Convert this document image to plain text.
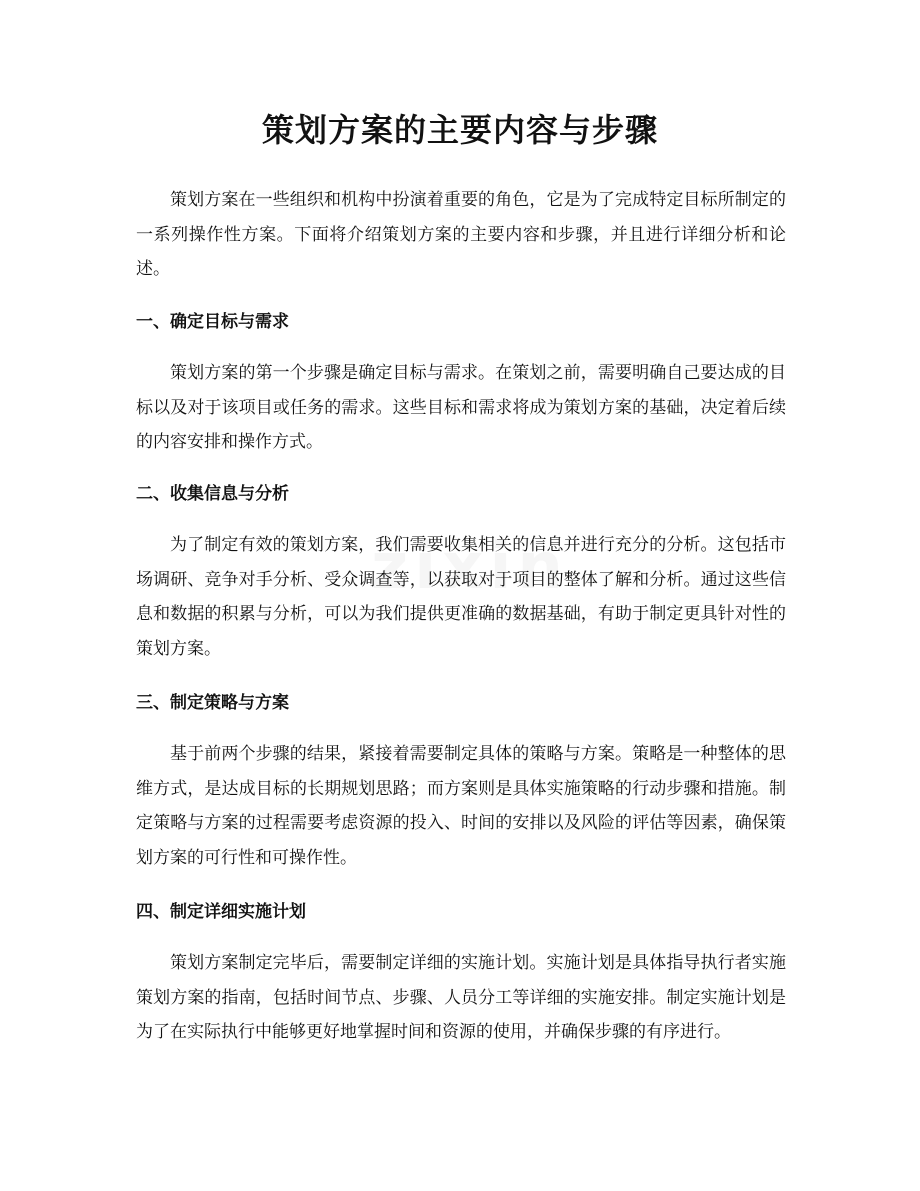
策划方案的主要内容与步骤

策划方案在一些组织和机构中扮演着重要的角色，它是为了完成特定目标所制定的一系列操作性方案。下面将介绍策划方案的主要内容和步骤，并且进行详细分析和论述。

一、确定目标与需求

策划方案的第一个步骤是确定目标与需求。在策划之前，需要明确自己要达成的目标以及对于该项目或任务的需求。这些目标和需求将成为策划方案的基础，决定着后续的内容安排和操作方式。

二、收集信息与分析

为了制定有效的策划方案，我们需要收集相关的信息并进行充分的分析。这包括市场调研、竞争对手分析、受众调查等，以获取对于项目的整体了解和分析。通过这些信息和数据的积累与分析，可以为我们提供更准确的数据基础，有助于制定更具针对性的策划方案。

三、制定策略与方案

基于前两个步骤的结果，紧接着需要制定具体的策略与方案。策略是一种整体的思维方式，是达成目标的长期规划思路；而方案则是具体实施策略的行动步骤和措施。制定策略与方案的过程需要考虑资源的投入、时间的安排以及风险的评估等因素，确保策划方案的可行性和可操作性。

四、制定详细实施计划

策划方案制定完毕后，需要制定详细的实施计划。实施计划是具体指导执行者实施策划方案的指南，包括时间节点、步骤、人员分工等详细的实施安排。制定实施计划是为了在实际执行中能够更好地掌握时间和资源的使用，并确保步骤的有序进行。
